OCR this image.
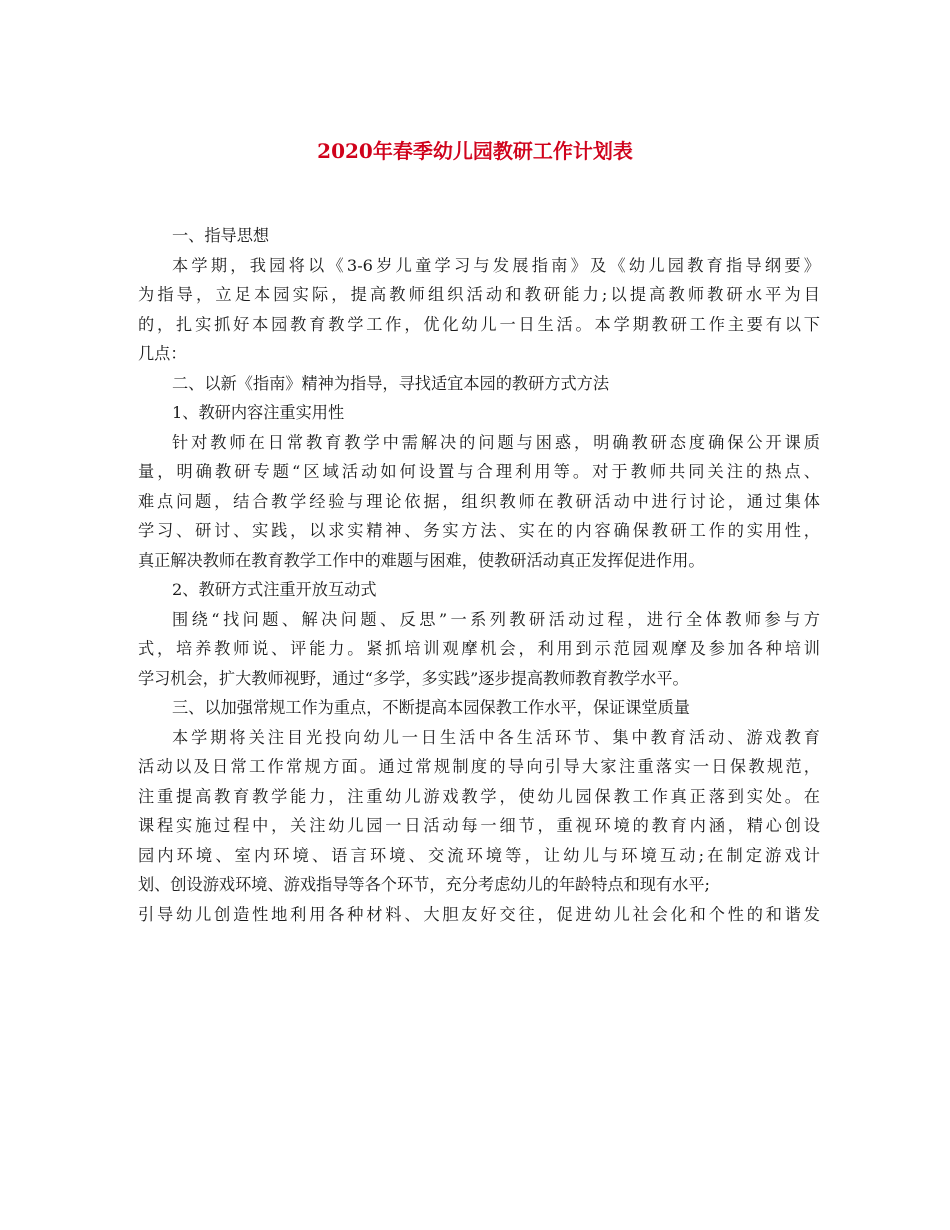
2020年春季幼儿园教研工作计划表
一、指导思想
本学期，我园将以《3-6岁儿童学习与发展指南》及《幼儿园教育指导纲要》
为指导，立足本园实际，提高教师组织活动和教研能力;以提高教师教研水平为目
的，扎实抓好本园教育教学工作，优化幼儿一日生活。本学期教研工作主要有以下
几点：
二、以新《指南》精神为指导，寻找适宜本园的教研方式方法
1、教研内容注重实用性
针对教师在日常教育教学中需解决的问题与困惑，明确教研态度确保公开课质
量，明确教研专题“区域活动如何设置与合理利用等。对于教师共同关注的热点、
难点问题，结合教学经验与理论依据，组织教师在教研活动中进行讨论，通过集体
学习、研讨、实践，以求实精神、务实方法、实在的内容确保教研工作的实用性，
真正解决教师在教育教学工作中的难题与困难，使教研活动真正发挥促进作用。
2、教研方式注重开放互动式
围绕“找问题、解决问题、反思”一系列教研活动过程，进行全体教师参与方
式，培养教师说、评能力。紧抓培训观摩机会，利用到示范园观摩及参加各种培训
学习机会，扩大教师视野，通过“多学，多实践”逐步提高教师教育教学水平。
三、以加强常规工作为重点，不断提高本园保教工作水平，保证课堂质量
本学期将关注目光投向幼儿一日生活中各生活环节、集中教育活动、游戏教育
活动以及日常工作常规方面。通过常规制度的导向引导大家注重落实一日保教规范，
注重提高教育教学能力，注重幼儿游戏教学，使幼儿园保教工作真正落到实处。在
课程实施过程中，关注幼儿园一日活动每一细节，重视环境的教育内涵，精心创设
园内环境、室内环境、语言环境、交流环境等，让幼儿与环境互动;在制定游戏计
划、创设游戏环境、游戏指导等各个环节，充分考虑幼儿的年龄特点和现有水平;
引导幼儿创造性地利用各种材料、大胆友好交往，促进幼儿社会化和个性的和谐发
